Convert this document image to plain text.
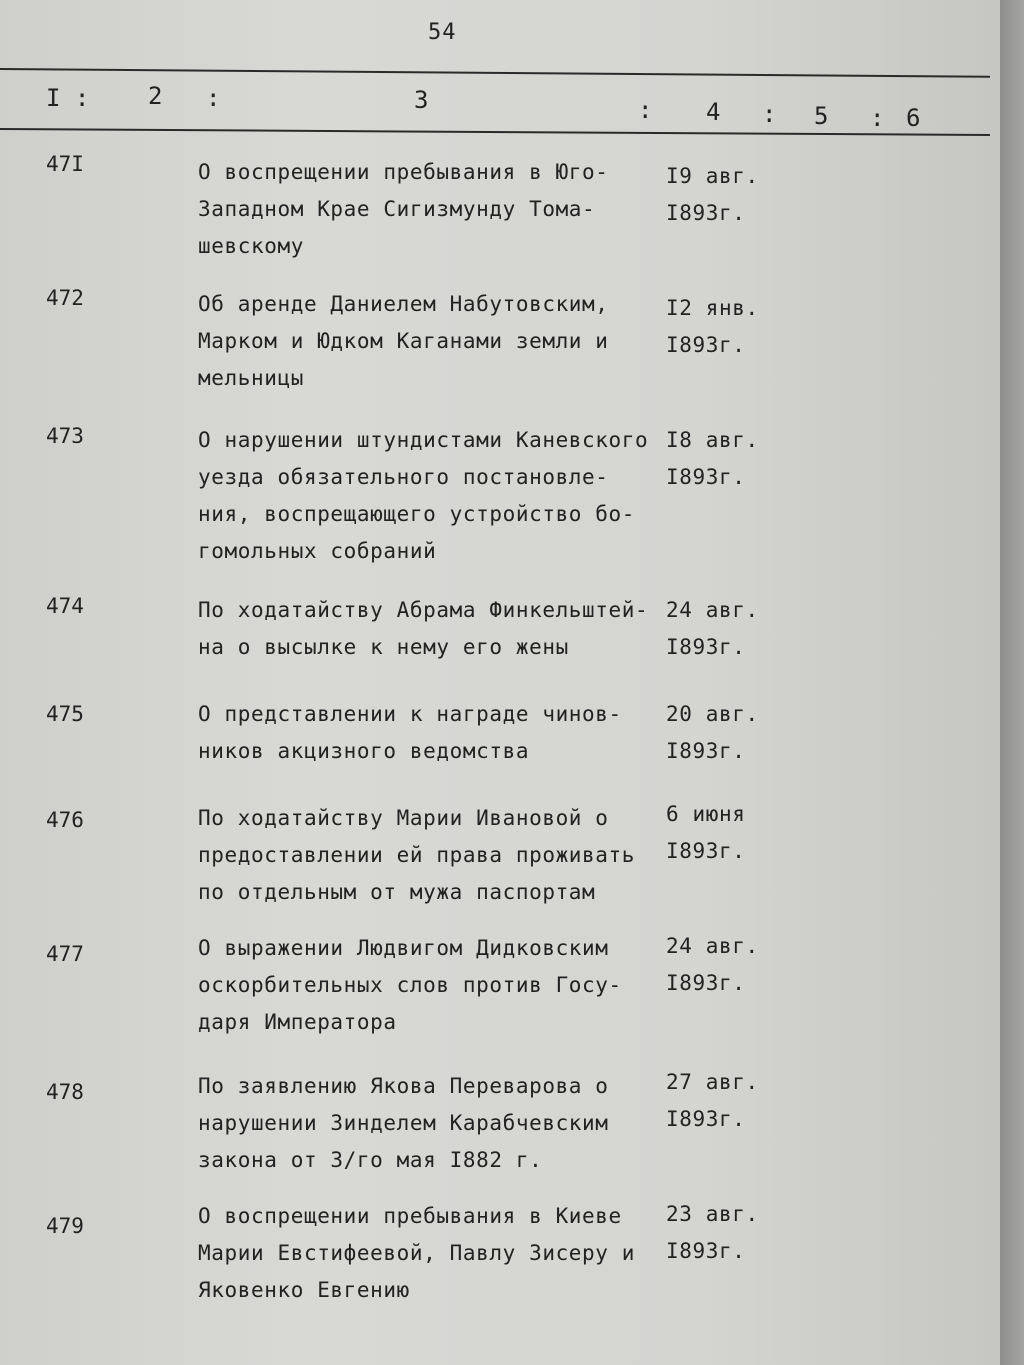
54
I : 2 :	3	: 4 : 5 : 6
47I	О воспрещении пребывания в Юго-
Западном Крае Сигизмунду Тома-
шевскому
I9 авг.
I893г.
472	Об аренде Даниелем Набутовским,
Марком и Юдком Каганами земли и
мельницы
I2 янв.
I893г.
473	О нарушении штундистами Каневского
уезда обязательного постановле-
ния, воспрещающего устройство бо-
гомольных собраний
I8 авг.
I893г.
474	По ходатайству Абрама Финкельштей-
на о высылке к нему его жены
24 авг.
I893г.
475	О представлении к награде чинов-
ников акцизного ведомства
20 авг.
I893г.
476	По ходатайству Марии Ивановой о
предоставлении ей права проживать
по отдельным от мужа паспортам
6 июня
I893г.
477	О выражении Людвигом Дидковским
оскорбительных слов против Госу-
даря Императора
24 авг.
I893г.
478	По заявлению Якова Переварова о
нарушении Зинделем Карабчевским
закона от 3/го мая I882 г.
27 авг.
I893г.
479	О воспрещении пребывания в Киеве
Марии Евстифеевой, Павлу Зисеру и
Яковенко Евгению
23 авг.
I893г.
